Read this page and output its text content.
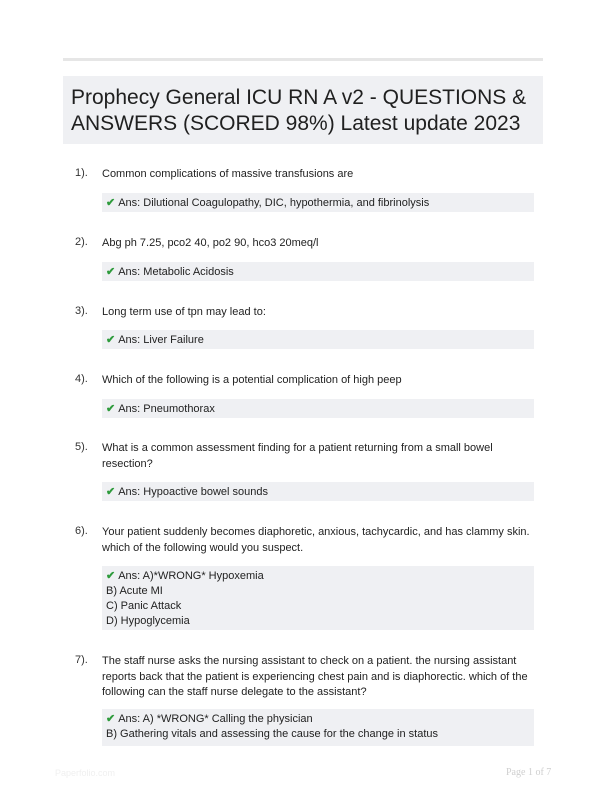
Prophecy General ICU RN A v2 - QUESTIONS & ANSWERS (SCORED 98%) Latest update 2023
1). Common complications of massive transfusions are
✔ Ans: Dilutional Coagulopathy, DIC, hypothermia, and fibrinolysis
2). Abg ph 7.25, pco2 40, po2 90, hco3 20meq/l
✔ Ans: Metabolic Acidosis
3). Long term use of tpn may lead to:
✔ Ans: Liver Failure
4). Which of the following is a potential complication of high peep
✔ Ans: Pneumothorax
5). What is a common assessment finding for a patient returning from a small bowel resection?
✔ Ans: Hypoactive bowel sounds
6). Your patient suddenly becomes diaphoretic, anxious, tachycardic, and has clammy skin. which of the following would you suspect.
✔ Ans: A)*WRONG* Hypoxemia
B) Acute MI
C) Panic Attack
D) Hypoglycemia
7). The staff nurse asks the nursing assistant to check on a patient. the nursing assistant reports back that the patient is experiencing chest pain and is diaphorectic. which of the following can the staff nurse delegate to the assistant?
✔ Ans: A) *WRONG* Calling the physician
B) Gathering vitals and assessing the cause for the change in status
Paperfolio.com	Page 1 of 7
